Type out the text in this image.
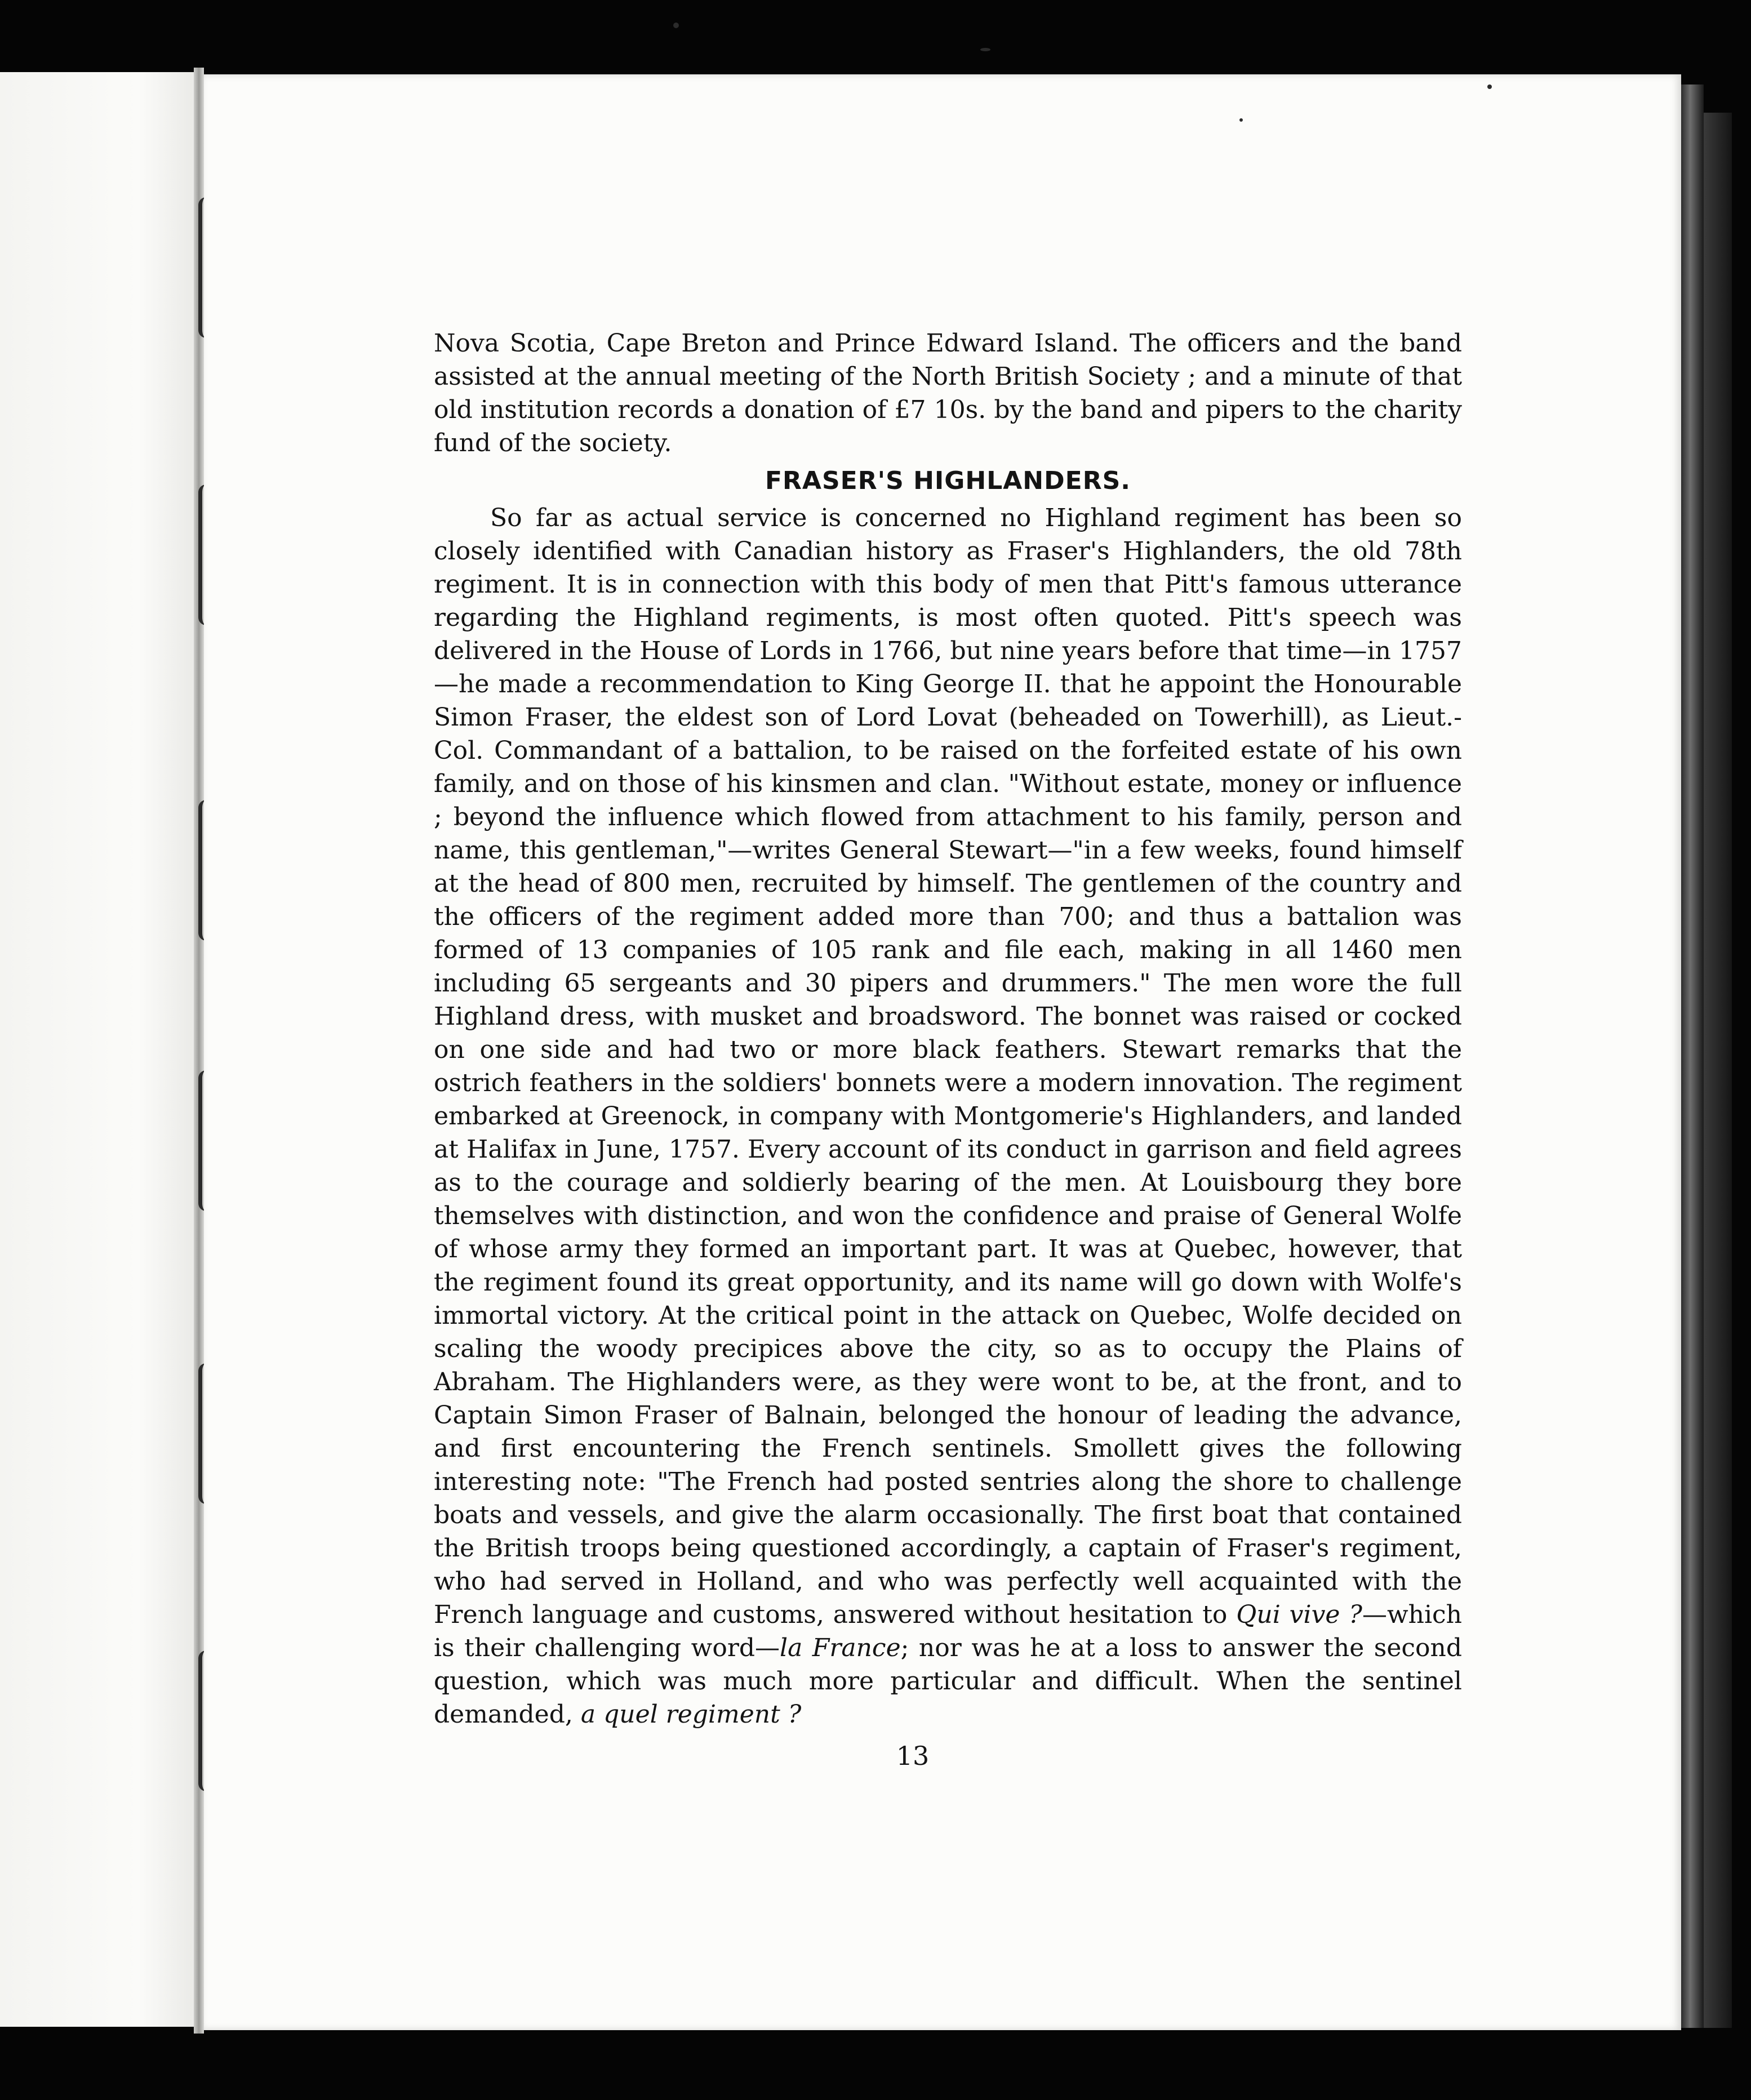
Nova Scotia, Cape Breton and Prince Edward Island. The officers and the band assisted at the annual meeting of the North British Society ; and a minute of that old institution records a donation of £7 10s. by the band and pipers to the charity fund of the society.

FRASER'S HIGHLANDERS.

So far as actual service is concerned no Highland regiment has been so closely identified with Canadian history as Fraser's Highlanders, the old 78th regiment. It is in connection with this body of men that Pitt's famous utterance regarding the Highland regiments, is most often quoted. Pitt's speech was delivered in the House of Lords in 1766, but nine years before that time—in 1757—he made a recommendation to King George II. that he appoint the Honourable Simon Fraser, the eldest son of Lord Lovat (beheaded on Towerhill), as Lieut.-Col. Commandant of a battalion, to be raised on the forfeited estate of his own family, and on those of his kinsmen and clan. "Without estate, money or influence ; beyond the influence which flowed from attachment to his family, person and name, this gentleman,"—writes General Stewart—"in a few weeks, found himself at the head of 800 men, recruited by himself. The gentlemen of the country and the officers of the regiment added more than 700; and thus a battalion was formed of 13 companies of 105 rank and file each, making in all 1460 men including 65 sergeants and 30 pipers and drummers." The men wore the full Highland dress, with musket and broadsword. The bonnet was raised or cocked on one side and had two or more black feathers. Stewart remarks that the ostrich feathers in the soldiers' bonnets were a modern innovation. The regiment embarked at Greenock, in company with Montgomerie's Highlanders, and landed at Halifax in June, 1757. Every account of its conduct in garrison and field agrees as to the courage and soldierly bearing of the men. At Louisbourg they bore themselves with distinction, and won the confidence and praise of General Wolfe of whose army they formed an important part. It was at Quebec, however, that the regiment found its great opportunity, and its name will go down with Wolfe's immortal victory. At the critical point in the attack on Quebec, Wolfe decided on scaling the woody precipices above the city, so as to occupy the Plains of Abraham. The Highlanders were, as they were wont to be, at the front, and to Captain Simon Fraser of Balnain, belonged the honour of leading the advance, and first encountering the French sentinels. Smollett gives the following interesting note: "The French had posted sentries along the shore to challenge boats and vessels, and give the alarm occasionally. The first boat that contained the British troops being questioned accordingly, a captain of Fraser's regiment, who had served in Holland, and who was perfectly well acquainted with the French language and customs, answered without hesitation to Qui vive ?—which is their challenging word—la France; nor was he at a loss to answer the second question, which was much more particular and difficult. When the sentinel demanded, a quel regiment ?

13
